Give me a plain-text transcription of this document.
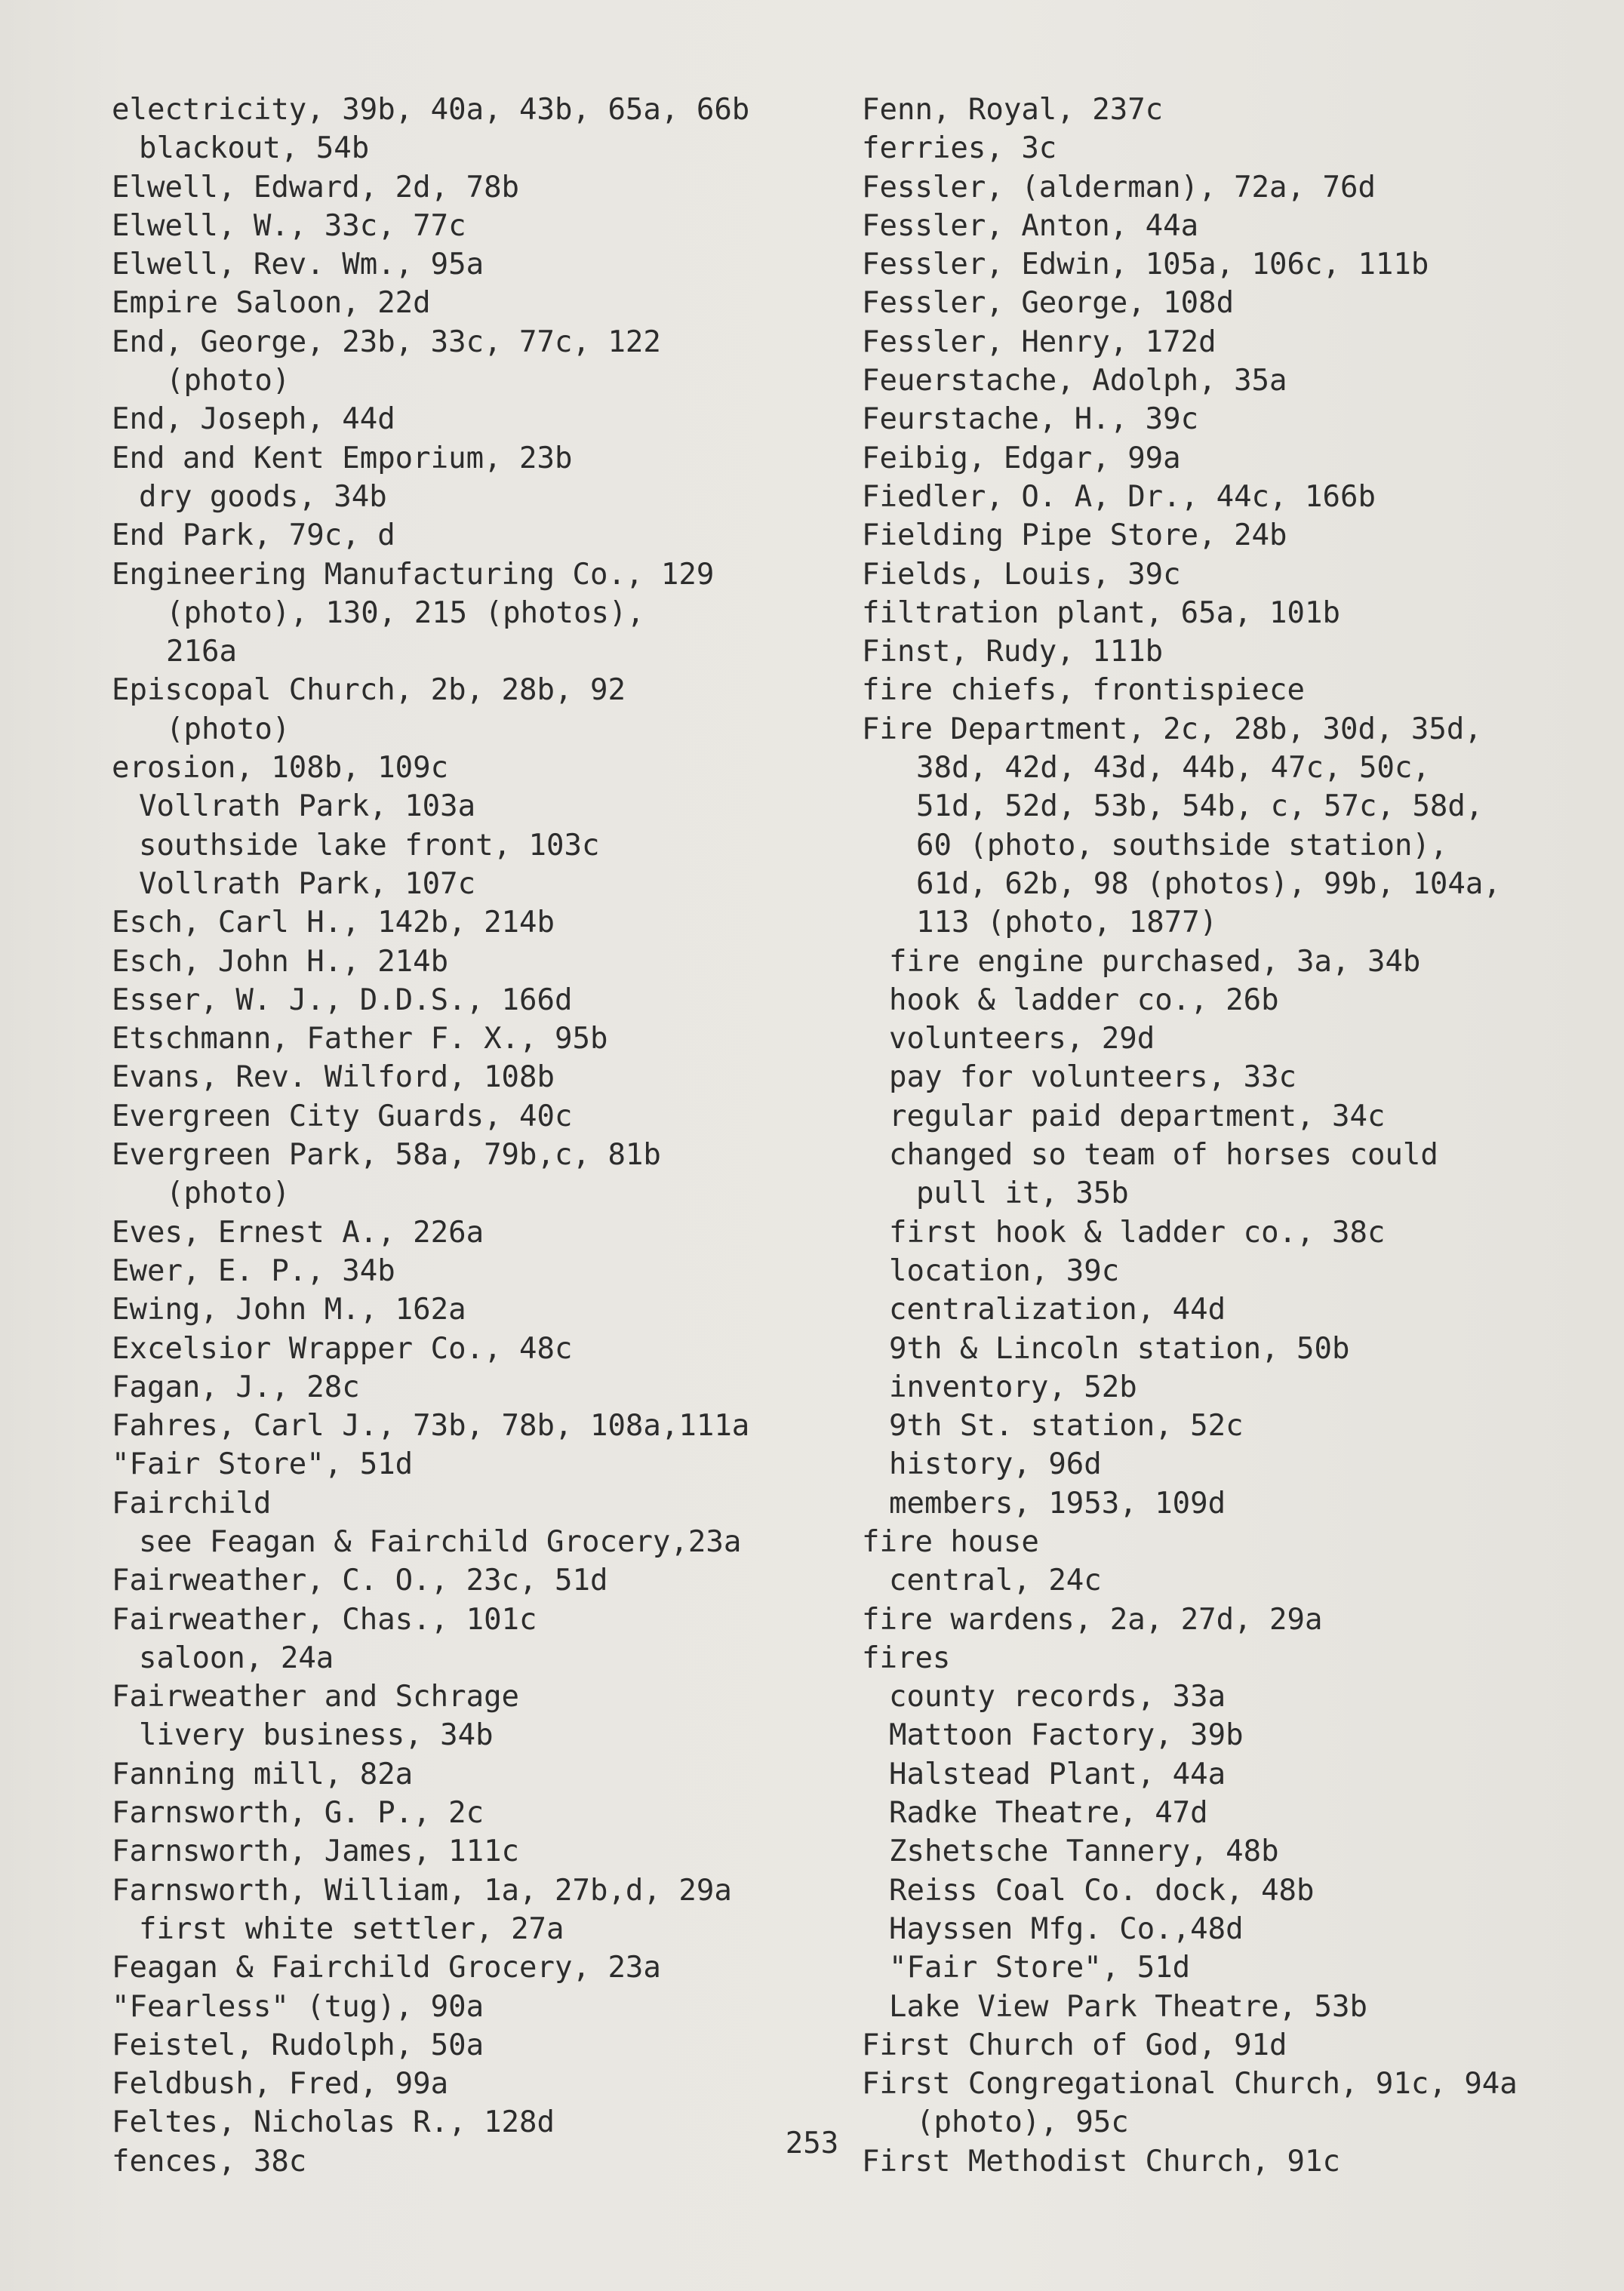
electricity, 39b, 40a, 43b, 65a, 66b
blackout, 54b
Elwell, Edward, 2d, 78b
Elwell, W., 33c, 77c
Elwell, Rev. Wm., 95a
Empire Saloon, 22d
End, George, 23b, 33c, 77c, 122
(photo)
End, Joseph, 44d
End and Kent Emporium, 23b
dry goods, 34b
End Park, 79c, d
Engineering Manufacturing Co., 129
(photo), 130, 215 (photos),
216a
Episcopal Church, 2b, 28b, 92
(photo)
erosion, 108b, 109c
Vollrath Park, 103a
southside lake front, 103c
Vollrath Park, 107c
Esch, Carl H., 142b, 214b
Esch, John H., 214b
Esser, W. J., D.D.S., 166d
Etschmann, Father F. X., 95b
Evans, Rev. Wilford, 108b
Evergreen City Guards, 40c
Evergreen Park, 58a, 79b,c, 81b
(photo)
Eves, Ernest A., 226a
Ewer, E. P., 34b
Ewing, John M., 162a
Excelsior Wrapper Co., 48c
Fagan, J., 28c
Fahres, Carl J., 73b, 78b, 108a,111a
"Fair Store", 51d
Fairchild
see Feagan & Fairchild Grocery,23a
Fairweather, C. O., 23c, 51d
Fairweather, Chas., 101c
saloon, 24a
Fairweather and Schrage
livery business, 34b
Fanning mill, 82a
Farnsworth, G. P., 2c
Farnsworth, James, 111c
Farnsworth, William, 1a, 27b,d, 29a
first white settler, 27a
Feagan & Fairchild Grocery, 23a
"Fearless" (tug), 90a
Feistel, Rudolph, 50a
Feldbush, Fred, 99a
Feltes, Nicholas R., 128d
fences, 38c
Fenn, Royal, 237c
ferries, 3c
Fessler, (alderman), 72a, 76d
Fessler, Anton, 44a
Fessler, Edwin, 105a, 106c, 111b
Fessler, George, 108d
Fessler, Henry, 172d
Feuerstache, Adolph, 35a
Feurstache, H., 39c
Feibig, Edgar, 99a
Fiedler, O. A, Dr., 44c, 166b
Fielding Pipe Store, 24b
Fields, Louis, 39c
filtration plant, 65a, 101b
Finst, Rudy, 111b
fire chiefs, frontispiece
Fire Department, 2c, 28b, 30d, 35d,
38d, 42d, 43d, 44b, 47c, 50c,
51d, 52d, 53b, 54b, c, 57c, 58d,
60 (photo, southside station),
61d, 62b, 98 (photos), 99b, 104a,
113 (photo, 1877)
fire engine purchased, 3a, 34b
hook & ladder co., 26b
volunteers, 29d
pay for volunteers, 33c
regular paid department, 34c
changed so team of horses could
pull it, 35b
first hook & ladder co., 38c
location, 39c
centralization, 44d
9th & Lincoln station, 50b
inventory, 52b
9th St. station, 52c
history, 96d
members, 1953, 109d
fire house
central, 24c
fire wardens, 2a, 27d, 29a
fires
county records, 33a
Mattoon Factory, 39b
Halstead Plant, 44a
Radke Theatre, 47d
Zshetsche Tannery, 48b
Reiss Coal Co. dock, 48b
Hayssen Mfg. Co.,48d
"Fair Store", 51d
Lake View Park Theatre, 53b
First Church of God, 91d
First Congregational Church, 91c, 94a
(photo), 95c
First Methodist Church, 91c
253
